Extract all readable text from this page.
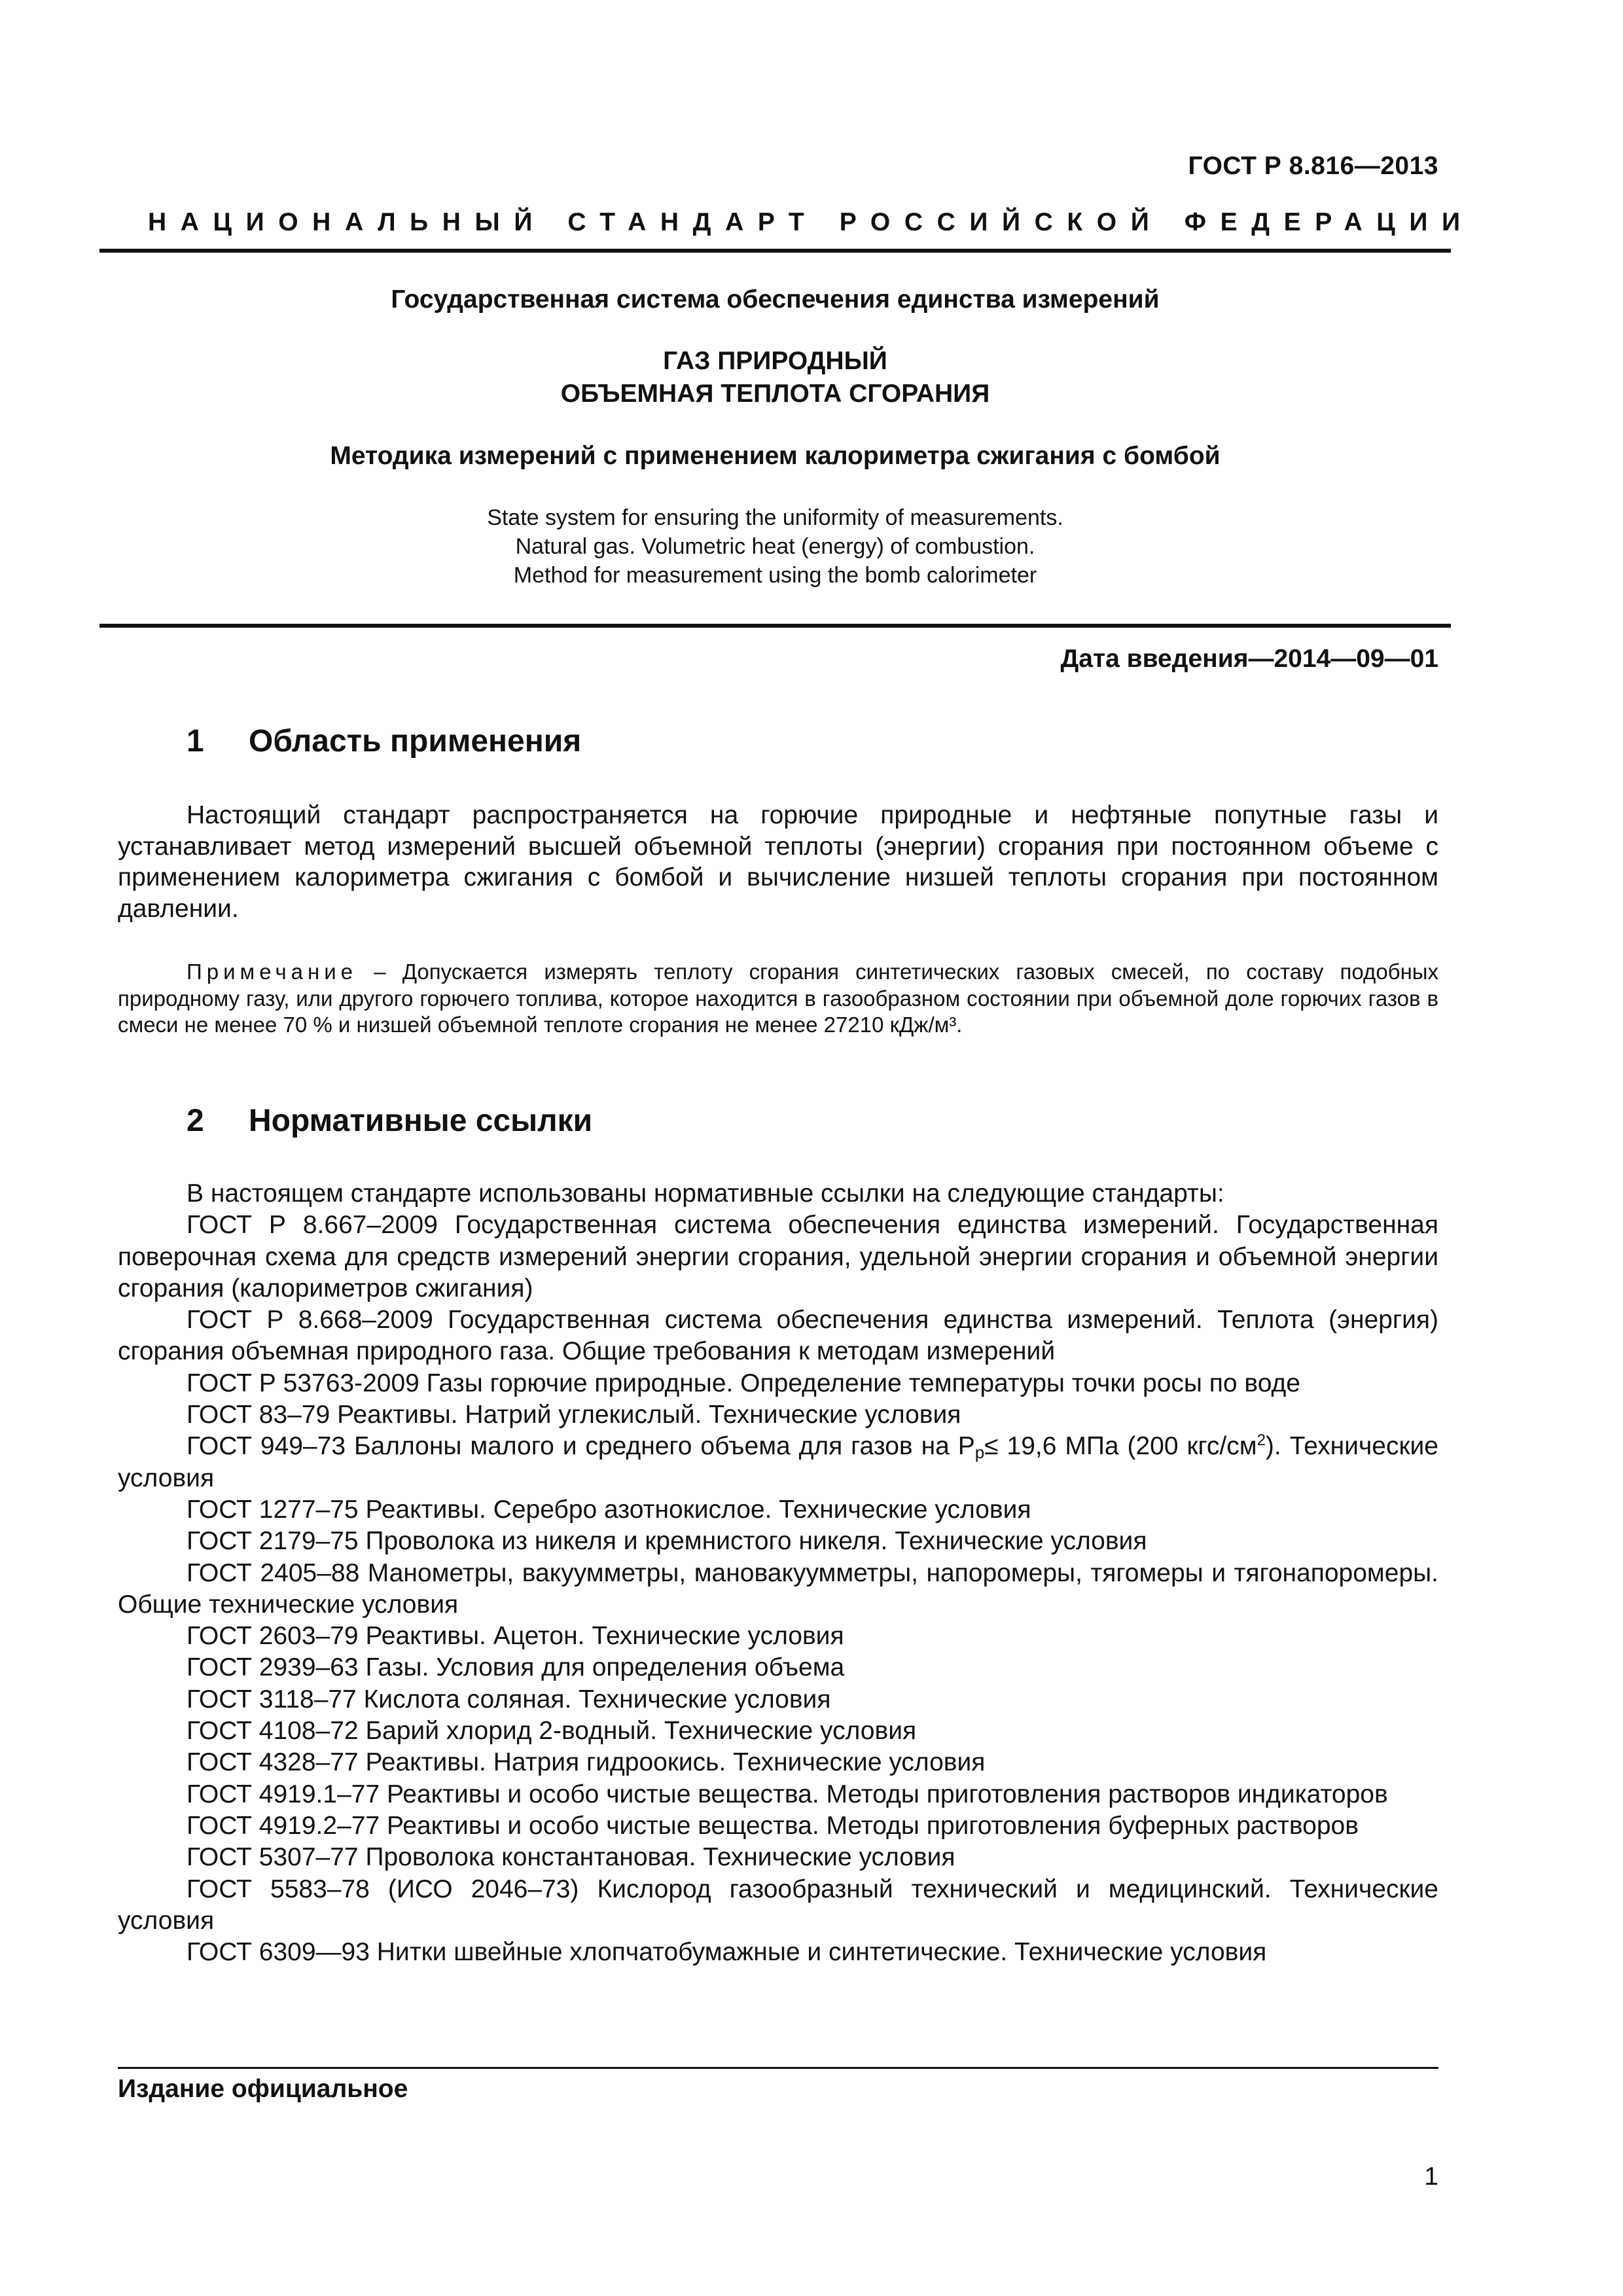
ГОСТ Р 8.816—2013
НАЦИОНАЛЬНЫЙ СТАНДАРТ РОССИЙСКОЙ ФЕДЕРАЦИИ
Государственная система обеспечения единства измерений
ГАЗ ПРИРОДНЫЙ
ОБЪЕМНАЯ ТЕПЛОТА СГОРАНИЯ
Методика измерений с применением калориметра сжигания с бомбой
State system for ensuring the uniformity of measurements.
Natural gas. Volumetric heat (energy) of combustion.
Method for measurement using the bomb calorimeter
Дата введения—2014—09—01
1 Область применения
Настоящий стандарт распространяется на горючие природные и нефтяные попутные газы и устанавливает метод измерений высшей объемной теплоты (энергии) сгорания при постоянном объеме с применением калориметра сжигания с бомбой и вычисление низшей теплоты сгорания при постоянном давлении.
Примечание – Допускается измерять теплоту сгорания синтетических газовых смесей, по составу подобных природному газу, или другого горючего топлива, которое находится в газообразном состоянии при объемной доле горючих газов в смеси не менее 70 % и низшей объемной теплоте сгорания не менее 27210 кДж/м³.
2 Нормативные ссылки

В настоящем стандарте использованы нормативные ссылки на следующие стандарты:

ГОСТ Р 8.667–2009 Государственная система обеспечения единства измерений. Государственная поверочная схема для средств измерений энергии сгорания, удельной энергии сгорания и объемной энергии сгорания (калориметров сжигания)

ГОСТ Р 8.668–2009 Государственная система обеспечения единства измерений. Теплота (энергия) сгорания объемная природного газа. Общие требования к методам измерений

ГОСТ Р 53763-2009 Газы горючие природные. Определение температуры точки росы по воде

ГОСТ 83–79 Реактивы. Натрий углекислый. Технические условия

ГОСТ 949–73 Баллоны малого и среднего объема для газов на $P_р\le 19,6$ МПа (200 кгс/$см^2$). Технические условия

ГОСТ 1277–75 Реактивы. Серебро азотнокислое. Технические условия

ГОСТ 2179–75 Проволока из никеля и кремнистого никеля. Технические условия

ГОСТ 2405–88 Манометры, вакуумметры, мановакуумметры, напоромеры, тягомеры и тягонапоромеры. Общие технические условия

ГОСТ 2603–79 Реактивы. Ацетон. Технические условия

ГОСТ 2939–63 Газы. Условия для определения объема

ГОСТ 3118–77 Кислота соляная. Технические условия

ГОСТ 4108–72 Барий хлорид 2-водный. Технические условия

ГОСТ 4328–77 Реактивы. Натрия гидроокись. Технические условия

ГОСТ 4919.1–77 Реактивы и особо чистые вещества. Методы приготовления растворов индикаторов

ГОСТ 4919.2–77 Реактивы и особо чистые вещества. Методы приготовления буферных растворов

ГОСТ 5307–77 Проволока константановая. Технические условия

ГОСТ 5583–78 (ИСО 2046–73) Кислород газообразный технический и медицинский. Технические условия

ГОСТ 6309—93 Нитки швейные хлопчатобумажные и синтетические. Технические условия

Издание официальное
1
